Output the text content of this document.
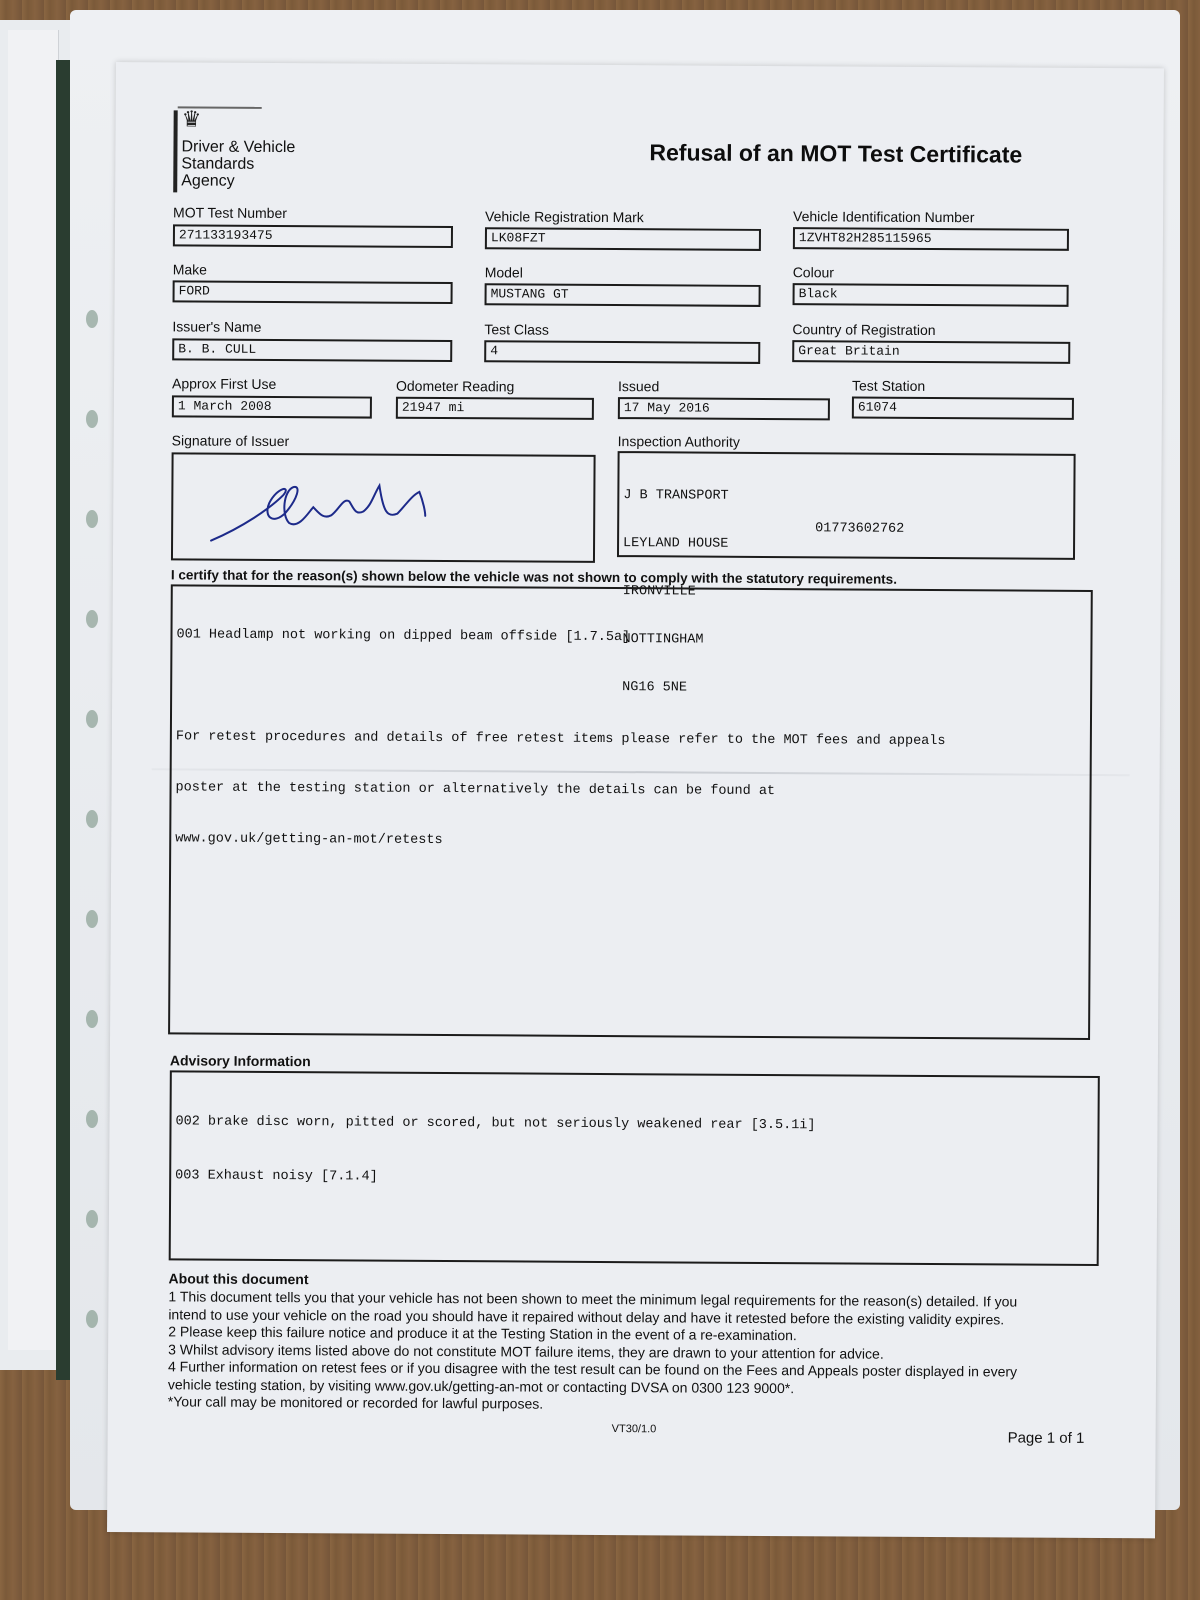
♛
Driver & Vehicle
Standards
Agency
Refusal of an MOT Test Certificate
MOT Test Number
271133193475
Vehicle Registration Mark
LK08FZT
Vehicle Identification Number
1ZVHT82H285115965
Make
FORD
Model
MUSTANG GT
Colour
Black
Issuer's Name
B. B. CULL
Test Class
4
Country of Registration
Great Britain
Approx First Use
1 March 2008
Odometer Reading
21947 mi
Issued
17 May 2016
Test Station
61074
Signature of Issuer	Inspection Authority

J B TRANSPORT

LEYLAND HOUSE

IRONVILLE

NOTTINGHAM

NG16 5NE

01773602762
I certify that for the reason(s) shown below the vehicle was not shown to comply with the statutory requirements.

001 Headlamp not working on dipped beam offside [1.7.5a]

​

For retest procedures and details of free retest items please refer to the MOT fees and appeals

poster at the testing station or alternatively the details can be found at

www.gov.uk/getting-an-mot/retests

Advisory Information

002 brake disc worn, pitted or scored, but not seriously weakened rear [3.5.1i]

003 Exhaust noisy [7.1.4]

About this document
1 This document tells you that your vehicle has not been shown to meet the minimum legal requirements for the reason(s) detailed. If you
intend to use your vehicle on the road you should have it repaired without delay and have it retested before the existing validity expires.
2 Please keep this failure notice and produce it at the Testing Station in the event of a re-examination.
3 Whilst advisory items listed above do not constitute MOT failure items, they are drawn to your attention for advice.
4 Further information on retest fees or if you disagree with the test result can be found on the Fees and Appeals poster displayed in every
vehicle testing station, by visiting www.gov.uk/getting-an-mot or contacting DVSA on 0300 123 9000*.
*Your call may be monitored or recorded for lawful purposes.
VT30/1.0
Page 1 of 1
